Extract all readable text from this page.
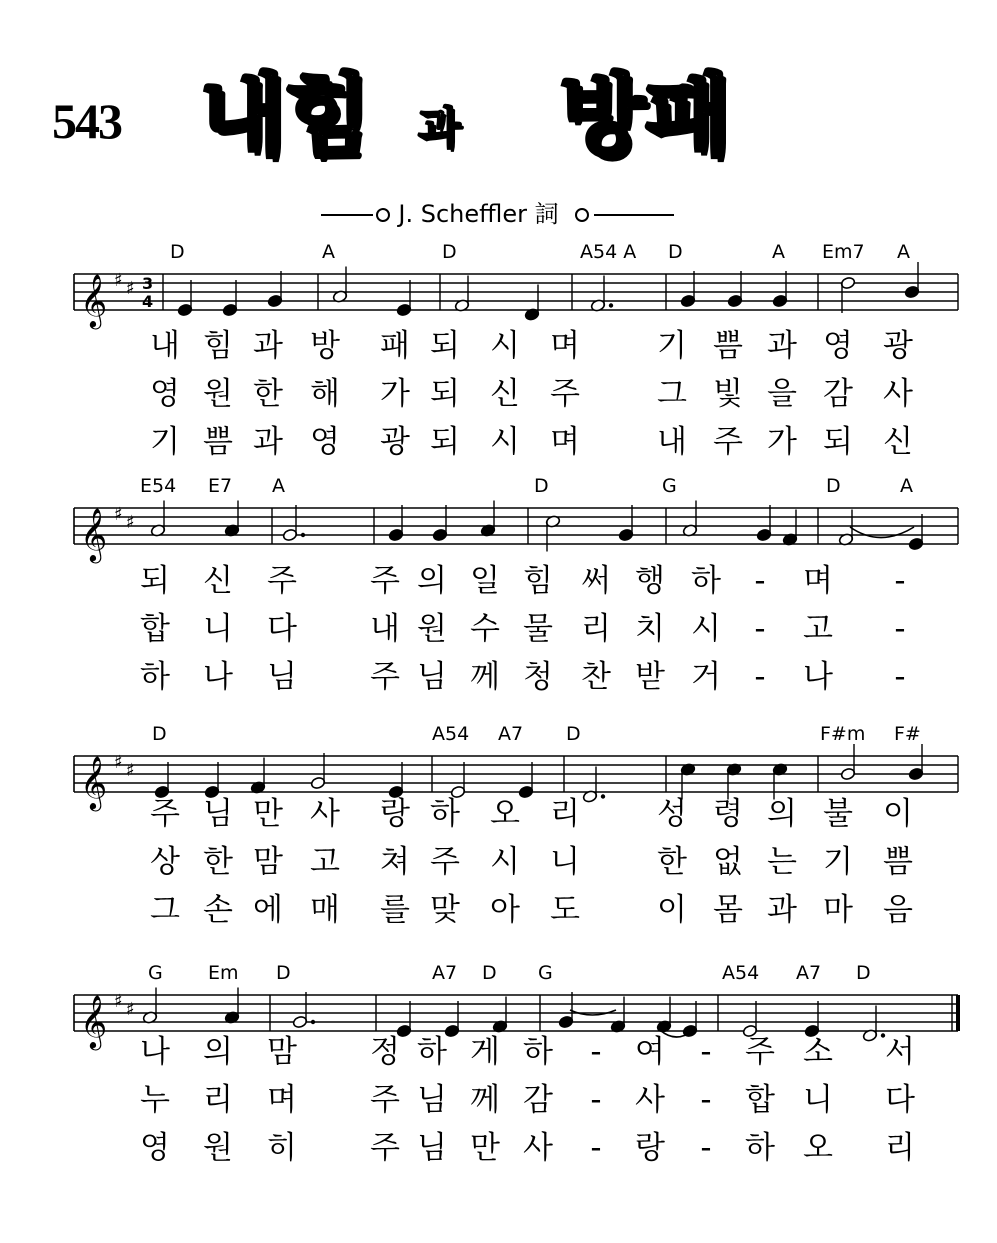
543 내힘 과 방패
J. Scheffler 詞
𝄞 ♯ ♯ 3
4
D	A	D	A54 A D	A Em7 A
내 힘 과 방 패 되 시 며 기 쁨 과 영 광
영 원 한 해 가 되 신 주 그 빛 을 감 사
기 쁨 과 영 광 되 시 며 내 주 가 되 신
𝄞 ♯ ♯
E54 E7 A	D	G	D	A
되 신 주 주 의 일 힘 써 행 하 - 며 -
합 니 다 내 원 수 물 리 치 시 - 고 -
하 나 님 주 님 께 청 찬 받 거 - 나 -
𝄞 ♯ ♯
D	A54 A7 D	F#m F#
주 님 만 사 랑 하 오 리 성 령 의 불 이
상 한 맘 고 쳐 주 시 니 한 없 는 기 쁨
그 손 에 매 를 맞 아 도 이 몸 과 마 음
𝄞 ♯ ♯
G Em D	A7 D G	A54 A7 D
나 의 맘 정 하 게 하 - 여 - 주 소 서
누 리 며 주 님 께 감 - 사 - 합 니 다
영 원 히 주 님 만 사 - 랑 - 하 오 리
